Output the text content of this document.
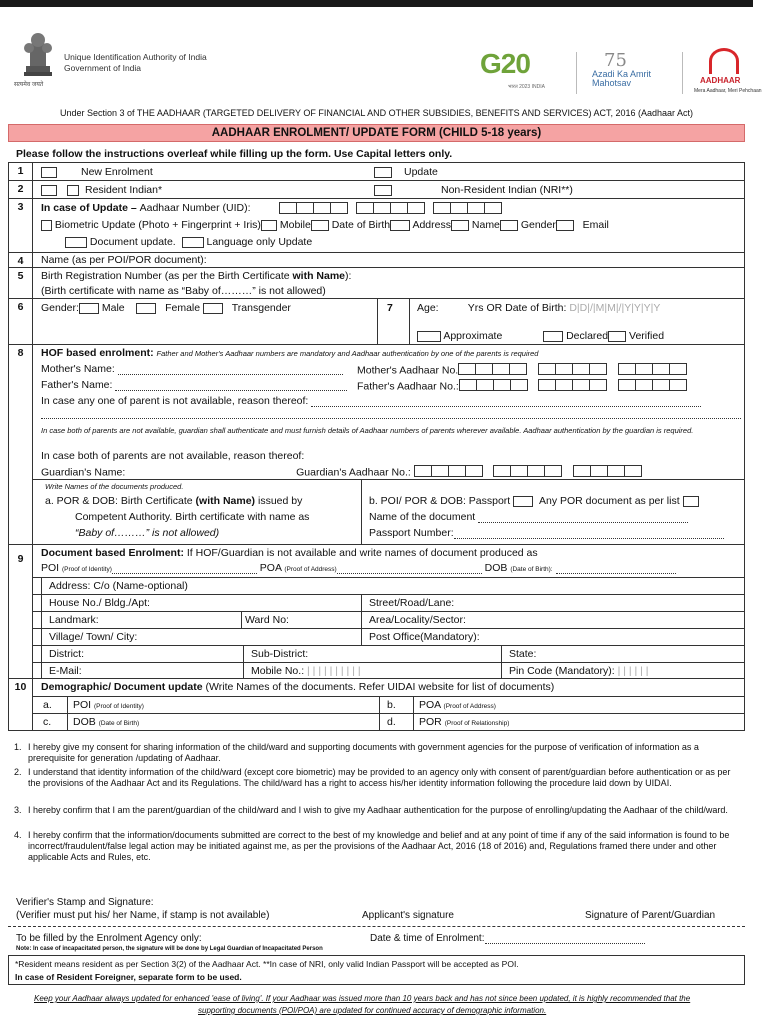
सत्यमेव जयते
Unique Identification Authority of India
Government of India	G20
भारत 2023 INDIA
75
Azadi Ka Amrit Mahotsav	AADHAAR
Mera Aadhaar, Meri Pehchaan
Under Section 3 of THE AADHAAR (TARGETED DELIVERY OF FINANCIAL AND OTHER SUBSIDIES, BENEFITS AND SERVICES) ACT, 2016 (Aadhaar Act)
AADHAAR ENROLMENT/ UPDATE FORM (CHILD 5-18 years)
Please follow the instructions overleaf while filling up the form. Use Capital letters only.
1	New Enrolment	Update
2	Resident Indian*	Non-Resident Indian (NRI**)
3	In case of Update – Aadhaar Number (UID):

Biometric Update (Photo + Fingerprint + Iris) Mobile Date of Birth Address Name Gender	Email
Document update.	Language only Update
4	Name (as per POI/POR document):
5	Birth Registration Number (as per the Birth Certificate with Name):
(Birth certificate with name as “Baby of………” is not allowed)
6	Gender: Male	Female	Transgender	7 Age:	Yrs OR Date of Birth: D|D|/|M|M|/|Y|Y|Y|Y
Approximate	Declared Verified
8	HOF based enrolment: Father and Mother's Aadhaar numbers are mandatory and Aadhaar authentication by one of the parents is required
Mother's Name:	Mother's Aadhaar No.
Father's Name:	Father's Aadhaar No.:
In case any one of parent is not available, reason thereof:
In case both of parents are not available, guardian shall authenticate and must furnish details of Aadhaar numbers of parents wherever available. Aadhaar authentication by the guardian is required.
In case both of parents are not available, reason thereof:
Guardian's Name:	Guardian's Aadhaar No.:
Write Names of the documents produced.
a. POR & DOB: Birth Certificate (with Name) issued by
Competent Authority. Birth certificate with name as
“Baby of………” is not allowed)
b. POI/ POR & DOB: Passport	Any POR document as per list
Name of the document
Passport Number:
9	Document based Enrolment: If HOF/Guardian is not available and write names of document produced as
POI (Proof of Identity)	POA (Proof of Address)	DOB (Date of Birth):
Address: C/o (Name-optional)
House No./ Bldg./Apt:	Street/Road/Lane:
Landmark:	Ward No:	Area/Locality/Sector:
Village/ Town/ City:	Post Office(Mandatory):
District:	Sub-District:	State:
E-Mail:	Mobile No.: | | | | | | | | | |	Pin Code (Mandatory): | | | | | |
10	Demographic/ Document update (Write Names of the documents. Refer UIDAI website for list of documents)
a. POI (Proof of Identity)	b. POA (Proof of Address)
c. DOB (Date of Birth)	d. POR (Proof of Relationship)
1. I hereby give my consent for sharing information of the child/ward and supporting documents with government agencies for the purpose of verification of information as a prerequisite for generation /updating of Aadhaar.
2. I understand that identity information of the child/ward (except core biometric) may be provided to an agency only with consent of parent/guardian before authentication or as per the provisions of the Aadhaar Act and its Regulations. The child/ward has a right to access his/her identity information following the procedure laid down by UIDAI.
3. I hereby confirm that I am the parent/guardian of the child/ward and I wish to give my Aadhaar authentication for the purpose of enrolling/updating the Aadhaar of the child/ward.
4. I hereby confirm that the information/documents submitted are correct to the best of my knowledge and belief and at any point of time if any of the said information is found to be incorrect/fraudulent/false legal action may be initiated against me, as per the provisions of the Aadhaar Act, 2016 (18 of 2016) and, Regulations framed there under and other applicable Acts and Rules, etc.
Verifier's Stamp and Signature:
(Verifier must put his/ her Name, if stamp is not available)	Applicant's signature	Signature of Parent/Guardian
To be filled by the Enrolment Agency only:	Date & time of Enrolment:
Note: In case of incapacitated person, the signature will be done by Legal Guardian of Incapacitated Person
*Resident means resident as per Section 3(2) of the Aadhaar Act. **In case of NRI, only valid Indian Passport will be accepted as POI.
In case of Resident Foreigner, separate form to be used.
Keep your Aadhaar always updated for enhanced 'ease of living'. If your Aadhaar was issued more than 10 years back and has not since been updated, it is highly recommended that the
supporting documents (POI/POA) are updated for continued accuracy of demographic information.
